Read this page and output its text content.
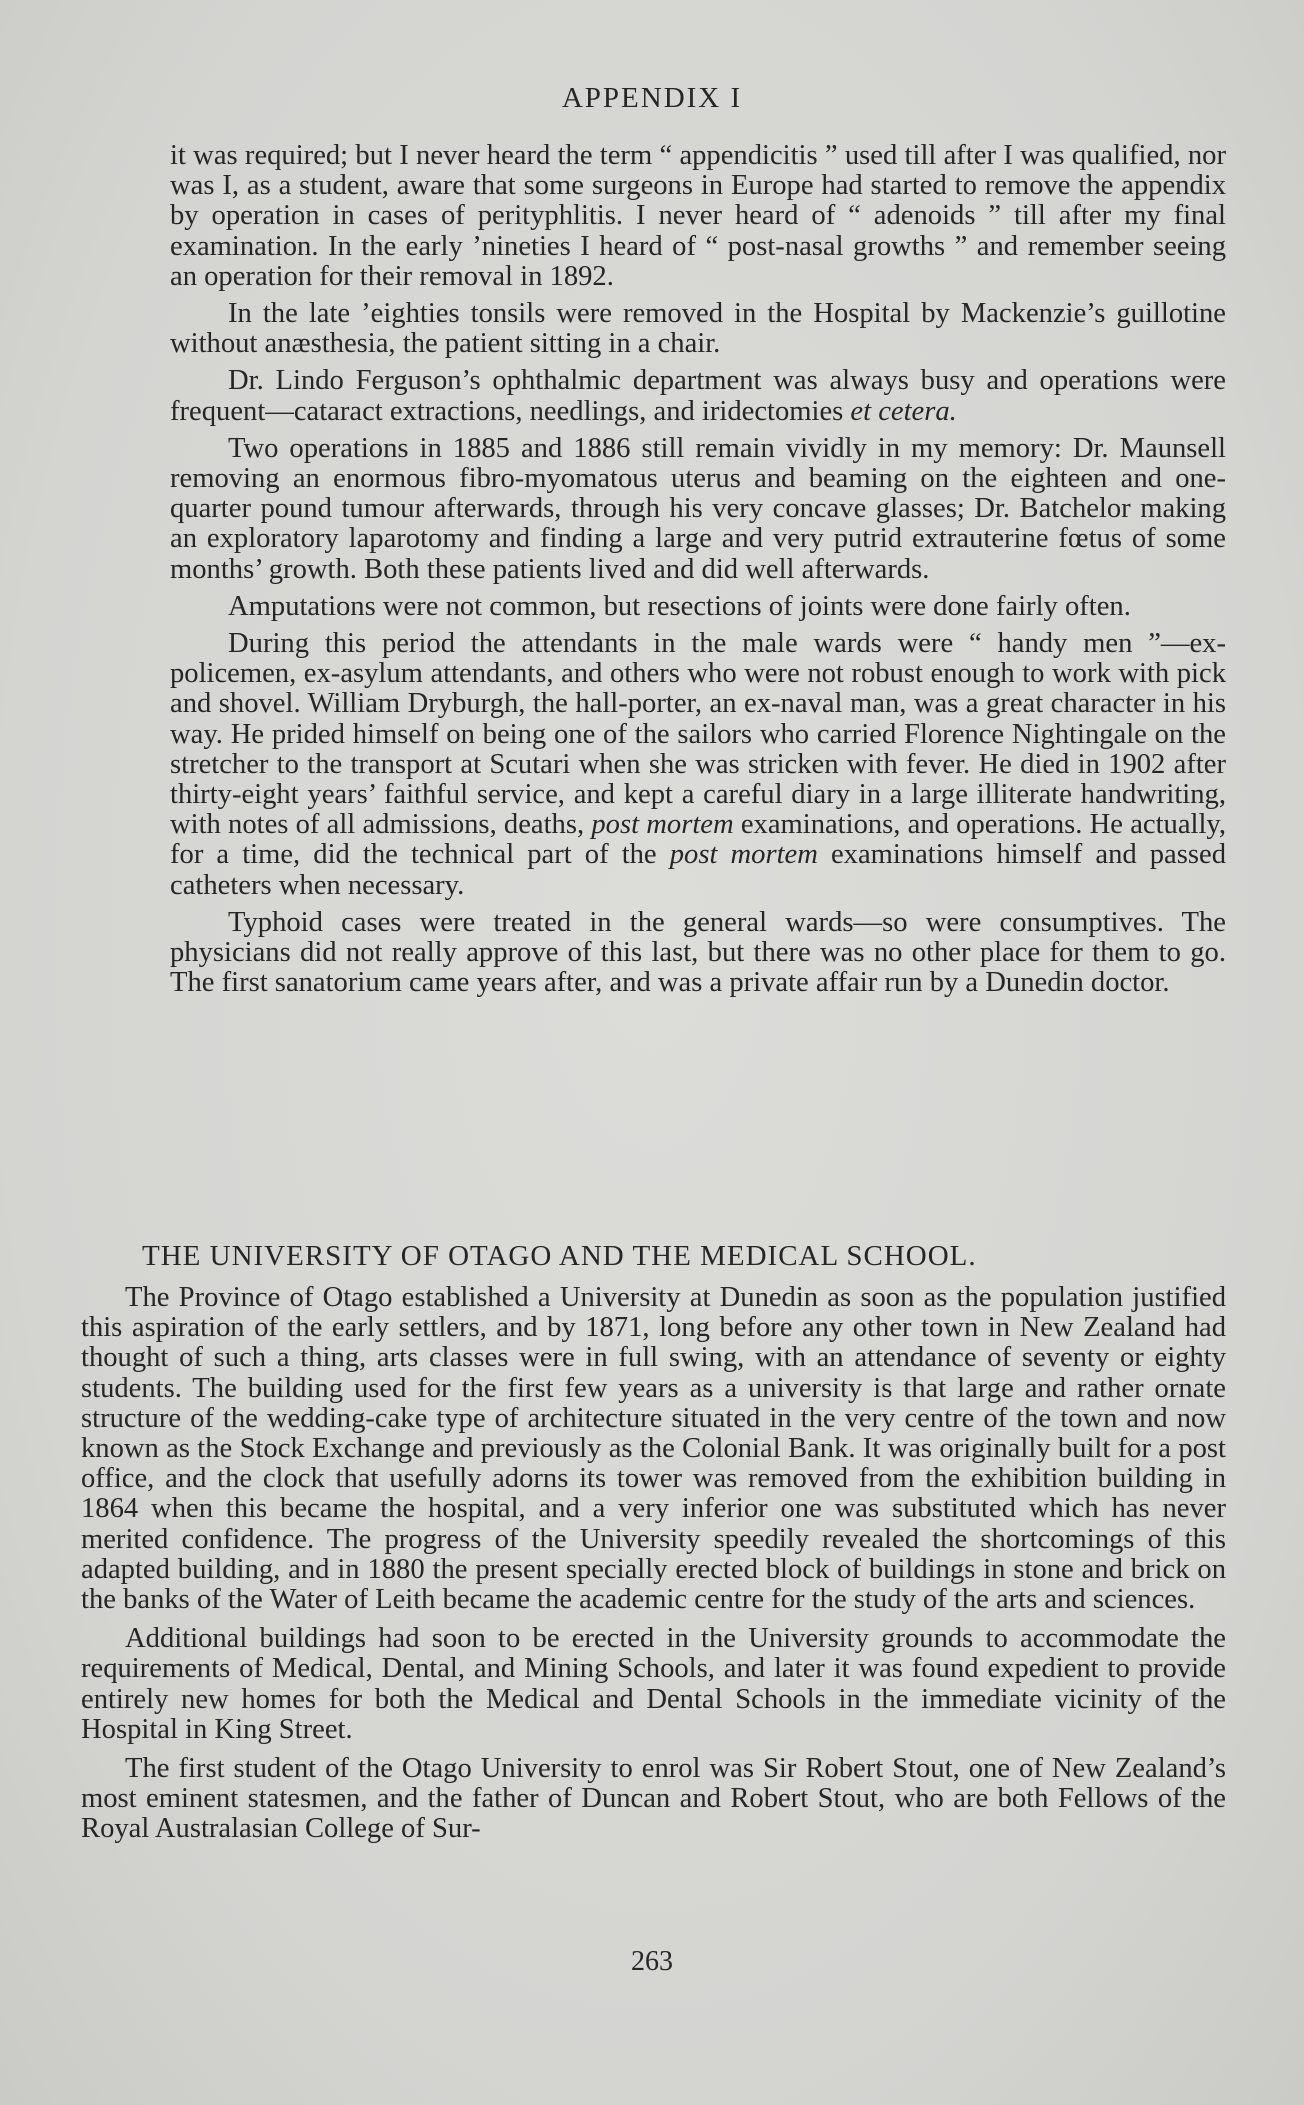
APPENDIX I

it was required; but I never heard the term “ appendicitis ” used till after I was qualified, nor was I, as a student, aware that some surgeons in Europe had started to remove the appendix by operation in cases of perityphlitis. I never heard of “ adenoids ” till after my final examination. In the early ’nineties I heard of “ post-nasal growths ” and remember seeing an operation for their removal in 1892.

In the late ’eighties tonsils were removed in the Hospital by Mackenzie’s guillotine without anæsthesia, the patient sitting in a chair.

Dr. Lindo Ferguson’s ophthalmic department was always busy and operations were frequent—cataract extractions, needlings, and iridectomies et cetera.

Two operations in 1885 and 1886 still remain vividly in my memory: Dr. Maunsell removing an enormous fibro-myomatous uterus and beaming on the eighteen and one-quarter pound tumour afterwards, through his very concave glasses; Dr. Batchelor making an exploratory laparotomy and finding a large and very putrid extrauterine fœtus of some months’ growth. Both these patients lived and did well afterwards.

Amputations were not common, but resections of joints were done fairly often.

During this period the attendants in the male wards were “ handy men ”—ex-policemen, ex-asylum attendants, and others who were not robust enough to work with pick and shovel. William Dryburgh, the hall-porter, an ex-naval man, was a great character in his way. He prided himself on being one of the sailors who carried Florence Nightingale on the stretcher to the transport at Scutari when she was stricken with fever. He died in 1902 after thirty-eight years’ faithful service, and kept a careful diary in a large illiterate handwriting, with notes of all admissions, deaths, post mortem examinations, and operations. He actually, for a time, did the technical part of the post mortem examinations himself and passed catheters when necessary.

Typhoid cases were treated in the general wards—so were consumptives. The physicians did not really approve of this last, but there was no other place for them to go. The first sanatorium came years after, and was a private affair run by a Dunedin doctor.

THE UNIVERSITY OF OTAGO AND THE MEDICAL SCHOOL.

The Province of Otago established a University at Dunedin as soon as the population justified this aspiration of the early settlers, and by 1871, long before any other town in New Zealand had thought of such a thing, arts classes were in full swing, with an attendance of seventy or eighty students. The building used for the first few years as a university is that large and rather ornate structure of the wedding-cake type of architecture situated in the very centre of the town and now known as the Stock Exchange and previously as the Colonial Bank. It was originally built for a post office, and the clock that usefully adorns its tower was removed from the exhibition building in 1864 when this became the hospital, and a very inferior one was substituted which has never merited confidence. The progress of the University speedily revealed the shortcomings of this adapted building, and in 1880 the present specially erected block of buildings in stone and brick on the banks of the Water of Leith became the academic centre for the study of the arts and sciences.

Additional buildings had soon to be erected in the University grounds to accommodate the requirements of Medical, Dental, and Mining Schools, and later it was found expedient to provide entirely new homes for both the Medical and Dental Schools in the immediate vicinity of the Hospital in King Street.

The first student of the Otago University to enrol was Sir Robert Stout, one of New Zealand’s most eminent statesmen, and the father of Duncan and Robert Stout, who are both Fellows of the Royal Australasian College of Sur-

263
